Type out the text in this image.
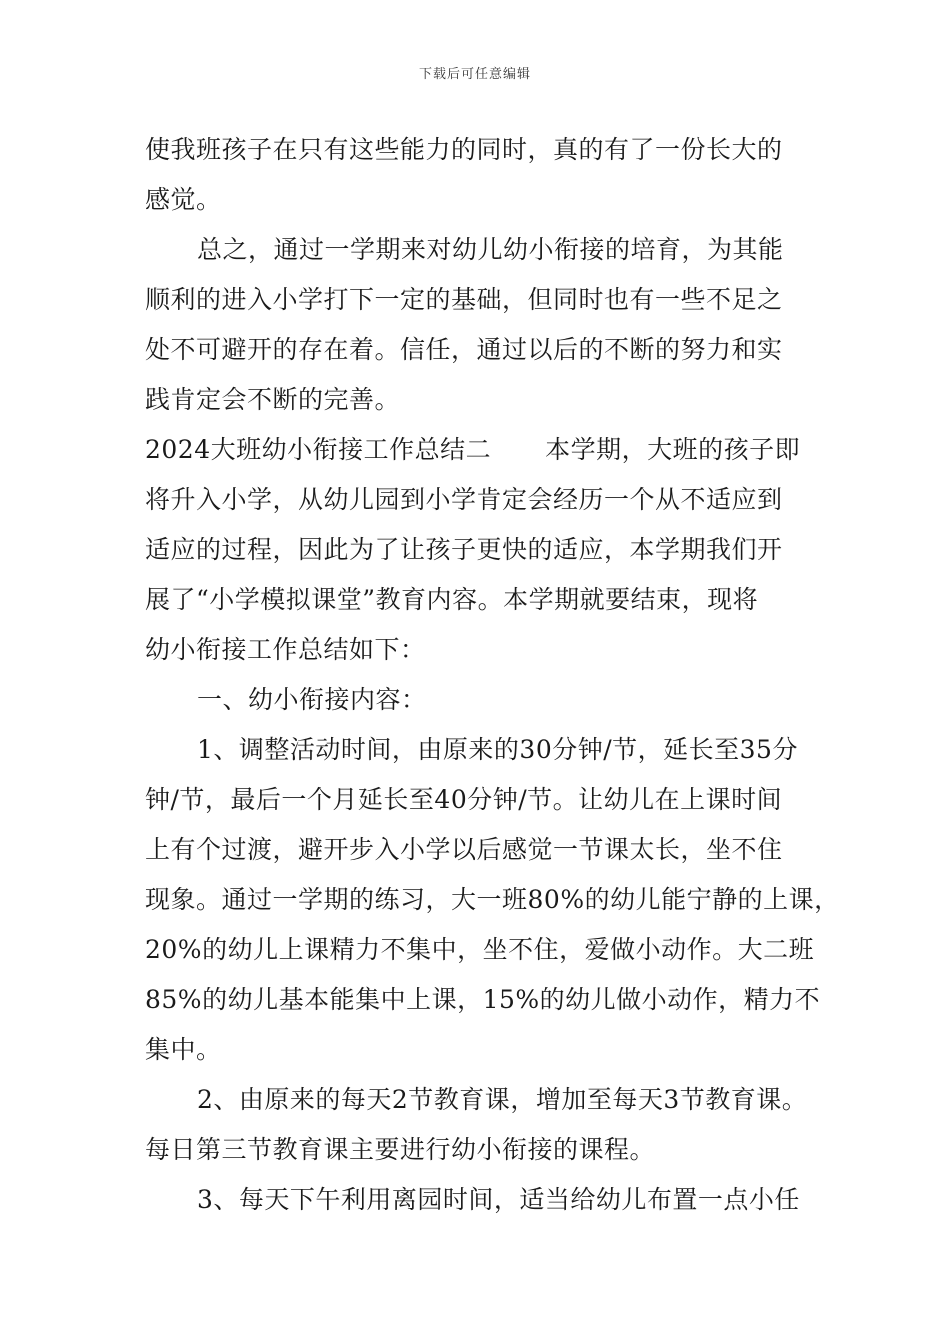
下载后可任意编辑
使我班孩子在只有这些能力的同时，真的有了一份长大的
感觉。
总之，通过一学期来对幼儿幼小衔接的培育，为其能
顺利的进入小学打下一定的基础，但同时也有一些不足之
处不可避开的存在着。信任，通过以后的不断的努力和实
践肯定会不断的完善。
2024大班幼小衔接工作总结二 本学期，大班的孩子即
将升入小学，从幼儿园到小学肯定会经历一个从不适应到
适应的过程，因此为了让孩子更快的适应，本学期我们开
展了“小学模拟课堂”教育内容。本学期就要结束，现将
幼小衔接工作总结如下：
一、幼小衔接内容：
1、调整活动时间，由原来的30分钟/节，延长至35分
钟/节，最后一个月延长至40分钟/节。让幼儿在上课时间
上有个过渡，避开步入小学以后感觉一节课太长，坐不住
现象。通过一学期的练习，大一班80%的幼儿能宁静的上课，
20%的幼儿上课精力不集中，坐不住，爱做小动作。大二班
85%的幼儿基本能集中上课，15%的幼儿做小动作，精力不
集中。
2、由原来的每天2节教育课，增加至每天3节教育课。
每日第三节教育课主要进行幼小衔接的课程。
3、每天下午利用离园时间，适当给幼儿布置一点小任
